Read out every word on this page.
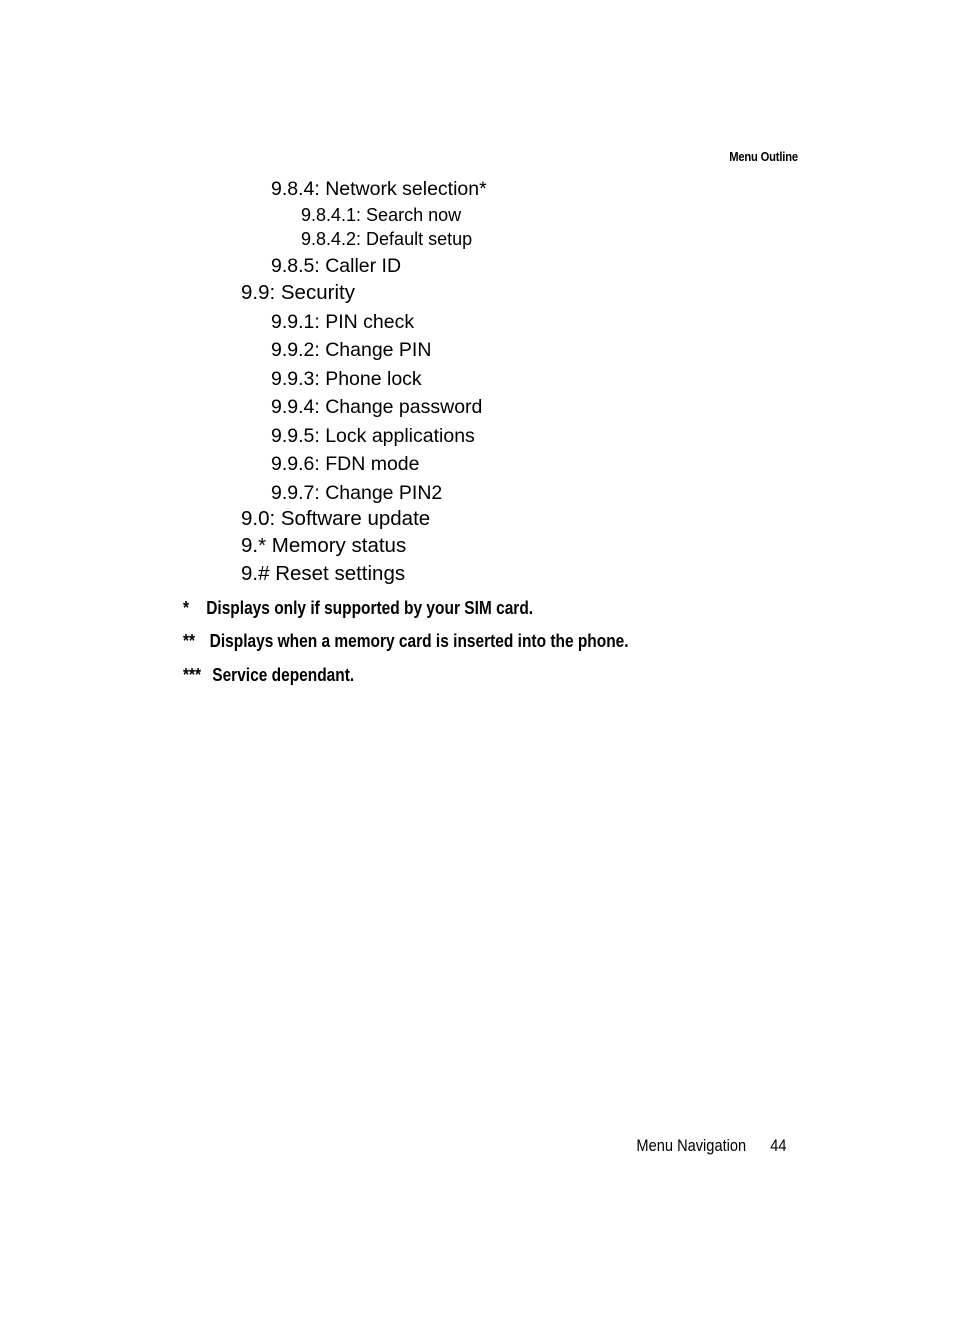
Menu Outline
9.8.4: Network selection*
9.8.4.1: Search now
9.8.4.2: Default setup
9.8.5: Caller ID
9.9: Security
9.9.1: PIN check
9.9.2: Change PIN
9.9.3: Phone lock
9.9.4: Change password
9.9.5: Lock applications
9.9.6: FDN mode
9.9.7: Change PIN2
9.0: Software update
9.* Memory status
9.# Reset settings
* Displays only if supported by your SIM card.
** Displays when a memory card is inserted into the phone.
*** Service dependant.
Menu Navigation 44
